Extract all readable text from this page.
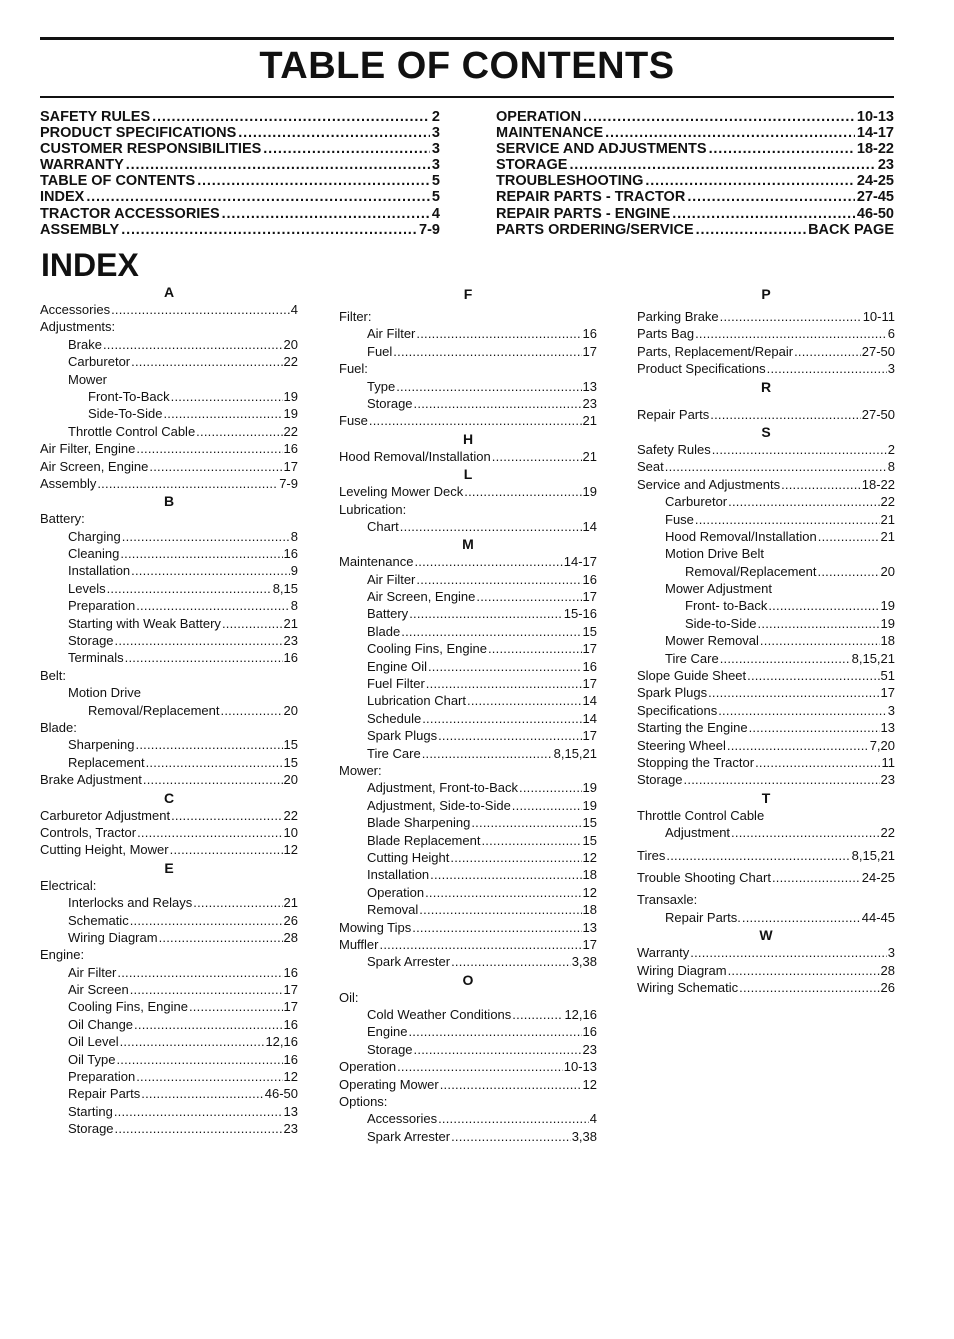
TABLE OF CONTENTS
SAFETY RULES . . .	2
PRODUCT SPECIFICATIONS . . .	3
CUSTOMER RESPONSIBILITIES . . .	3
WARRANTY . . .	3
TABLE OF CONTENTS . . .	5
INDEX . . .	5
TRACTOR ACCESSORIES . . .	4
ASSEMBLY . . .	7-9
OPERATION . . .	10-13
MAINTENANCE . . .	14-17
SERVICE AND ADJUSTMENTS . . .	18-22
STORAGE . . .	23
TROUBLESHOOTING . . .	24-25
REPAIR PARTS - TRACTOR . . .	27-45
REPAIR PARTS - ENGINE . . .	46-50
PARTS ORDERING/SERVICE . . .	BACK PAGE
INDEX
A
Accessories . . .	4
Adjustments:
Brake . . .	20
Carburetor . . .	22
Mower
Front-To-Back . . .	19
Side-To-Side . . .	19
Throttle Control Cable . . .	22
Air Filter, Engine . . .	16
Air Screen, Engine . . .	17
Assembly . . .	7-9
B
Battery:
Charging . . .	8
Cleaning . . .	16
Installation . . .	9
Levels . . .	8,15
Preparation . . .	8
Starting with Weak Battery . . .	21
Storage . . .	23
Terminals . . .	16
Belt:
Motion Drive
Removal/Replacement . . .	20
Blade:
Sharpening . . .	15
Replacement . . .	15
Brake Adjustment . . .	20
C
Carburetor Adjustment . . .	22
Controls, Tractor . . .	10
Cutting Height, Mower . . .	12
E
Electrical:
Interlocks and Relays . . .	21
Schematic . . .	26
Wiring Diagram . . .	28
Engine:
Air Filter . . .	16
Air Screen . . .	17
Cooling Fins, Engine . . .	17
Oil Change . . .	16
Oil Level . . .	12,16
Oil Type . . .	16
Preparation . . .	12
Repair Parts . . .	46-50
Starting . . .	13
Storage . . .	23
F
Filter:
Air Filter . . .	16
Fuel . . .	17
Fuel:
Type . . .	13
Storage . . .	23
Fuse . . .	21
H
Hood Removal/Installation . . .	21
L
Leveling Mower Deck . . .	19
Lubrication:
Chart . . .	14
M
Maintenance . . .	14-17
Air Filter . . .	16
Air Screen, Engine . . .	17
Battery . . .	15-16
Blade . . .	15
Cooling Fins, Engine . . .	17
Engine Oil . . .	16
Fuel Filter . . .	17
Lubrication Chart . . .	14
Schedule . . .	14
Spark Plugs . . .	17
Tire Care . . .	8,15,21
Mower:
Adjustment, Front-to-Back . . .	19
Adjustment, Side-to-Side . . .	19
Blade Sharpening . . .	15
Blade Replacement . . .	15
Cutting Height . . .	12
Installation . . .	18
Operation . . .	12
Removal . . .	18
Mowing Tips . . .	13
Muffler . . .	17
Spark Arrester . . .	3,38
O
Oil:
Cold Weather Conditions . . .	12,16
Engine . . .	16
Storage . . .	23
Operation . . .	10-13
Operating Mower . . .	12
Options:
Accessories . . .	4
Spark Arrester . . .	3,38
P
Parking Brake . . .	10-11
Parts Bag . . .	6
Parts, Replacement/Repair . . .	27-50
Product Specifications . . .	3
R
Repair Parts . . .	27-50
S
Safety Rules . . .	2
Seat . . .	8
Service and Adjustments . . .	18-22
Carburetor . . .	22
Fuse . . .	21
Hood Removal/Installation . . .	21
Motion Drive Belt
Removal/Replacement . . .	20
Mower Adjustment
Front- to-Back . . .	19
Side-to-Side . . .	19
Mower Removal . . .	18
Tire Care . . .	8,15,21
Slope Guide Sheet . . .	51
Spark Plugs . . .	17
Specifications . . .	3
Starting the Engine . . .	13
Steering Wheel . . .	7,20
Stopping the Tractor . . .	11
Storage . . .	23
T
Throttle Control Cable
Adjustment . . .	22
Tires . . .	8,15,21
Trouble Shooting Chart . . .	24-25
Transaxle:
Repair Parts. . . .	44-45
W
Warranty . . .	3
Wiring Diagram . . .	28
Wiring Schematic . . .	26
